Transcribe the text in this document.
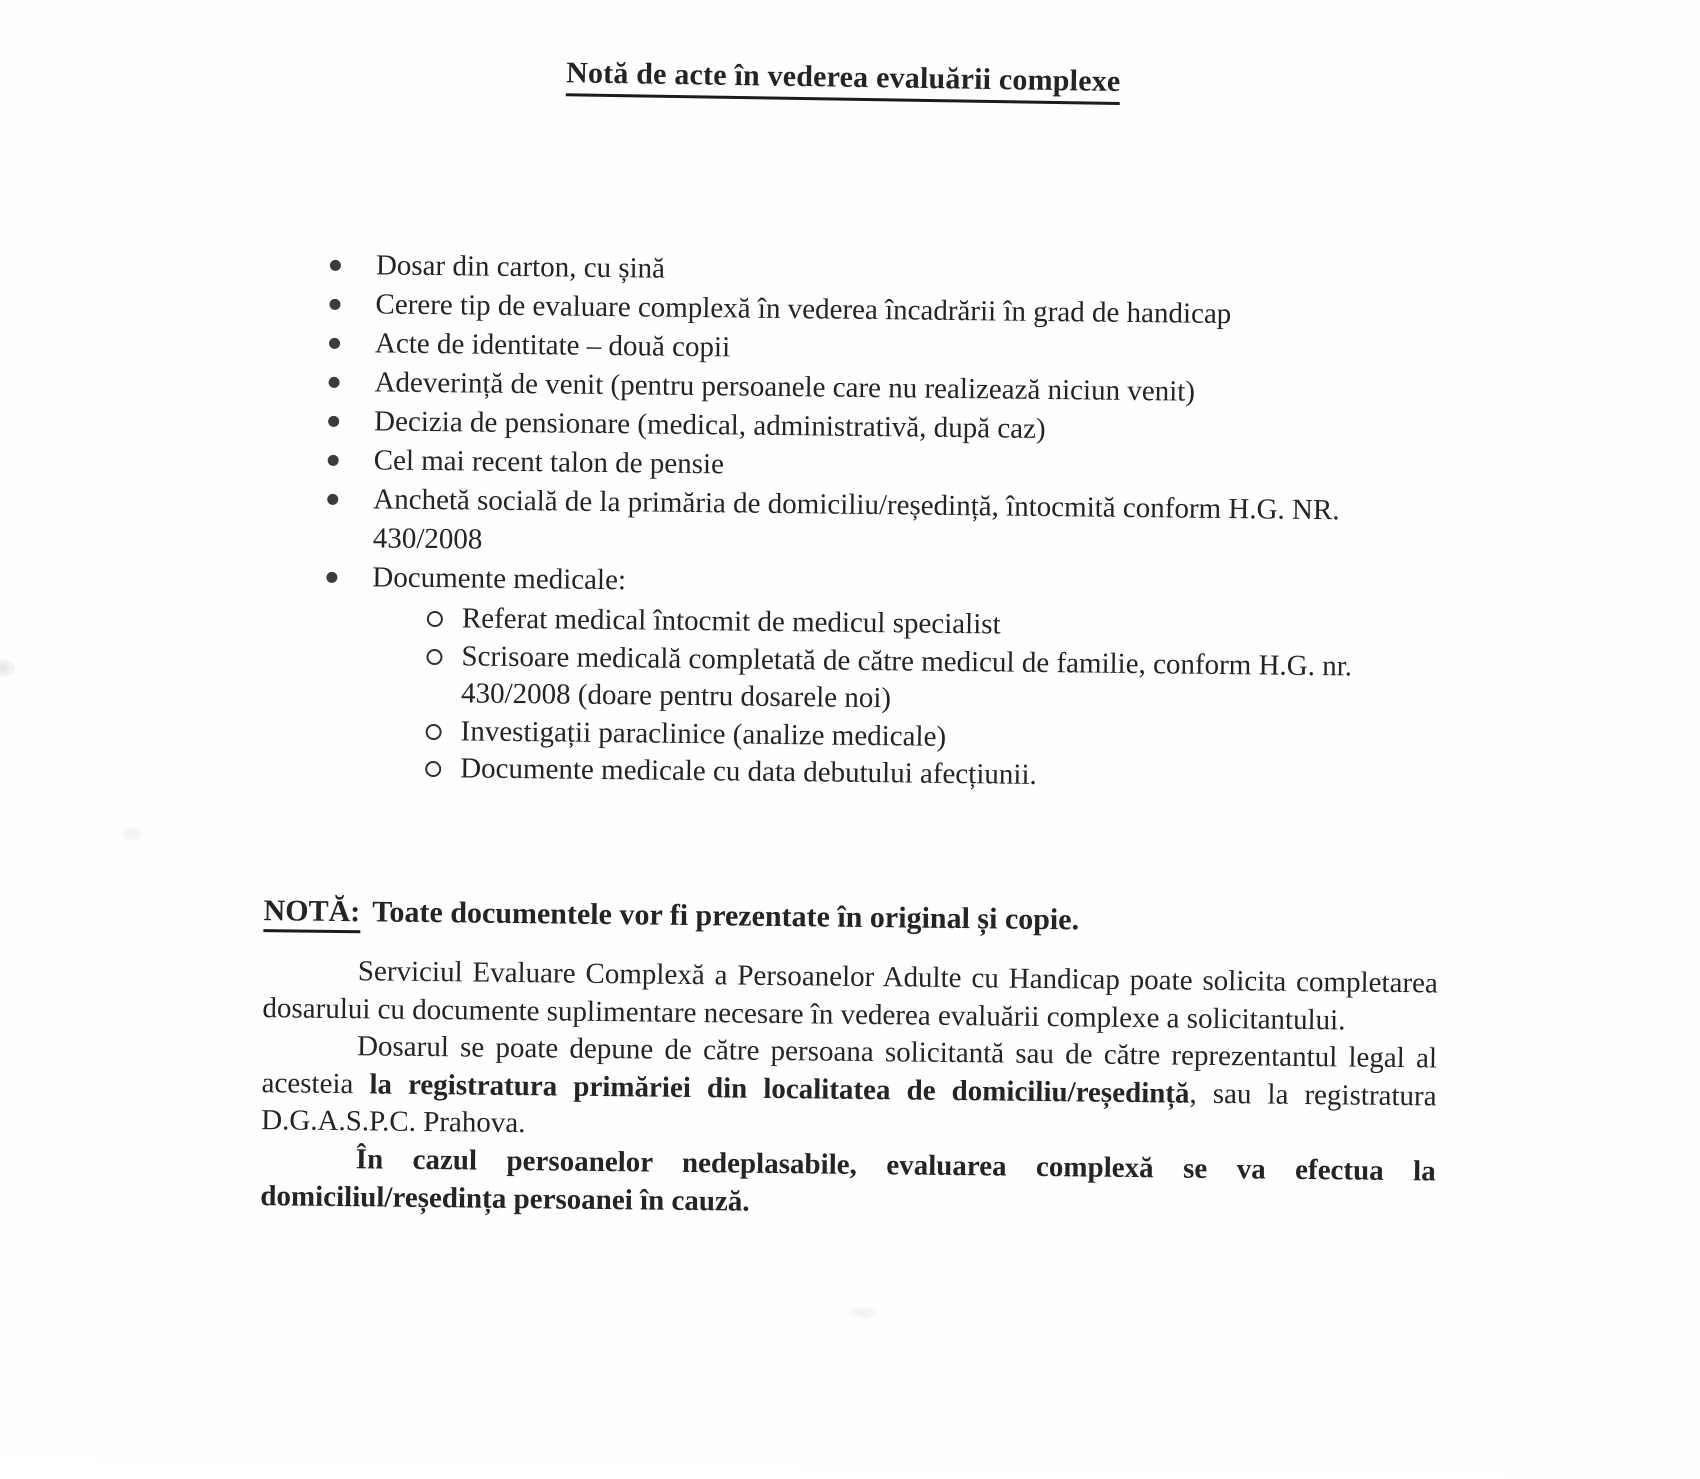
Notă de acte în vederea evaluării complexe
Dosar din carton, cu șină
Cerere tip de evaluare complexă în vederea încadrării în grad de handicap
Acte de identitate – două copii
Adeverință de venit (pentru persoanele care nu realizează niciun venit)
Decizia de pensionare (medical, administrativă, după caz)
Cel mai recent talon de pensie
Anchetă socială de la primăria de domiciliu/reședință, întocmită conform H.G. NR. 430/2008
Documente medicale:
Referat medical întocmit de medicul specialist
Scrisoare medicală completată de către medicul de familie, conform H.G. nr. 430/2008 (doare pentru dosarele noi)
Investigații paraclinice (analize medicale)
Documente medicale cu data debutului afecțiunii.
NOTĂ: Toate documentele vor fi prezentate în original și copie.

Serviciul Evaluare Complexă a Persoanelor Adulte cu Handicap poate solicita completarea dosarului cu documente suplimentare necesare în vederea evaluării complexe a solicitantului.

Dosarul se poate depune de către persoana solicitantă sau de către reprezentantul legal al acesteia la registratura primăriei din localitatea de domiciliu/reședință, sau la registratura D.G.A.S.P.C. Prahova.

În cazul persoanelor nedeplasabile, evaluarea complexă se va efectua la domiciliul/reședința persoanei în cauză.
